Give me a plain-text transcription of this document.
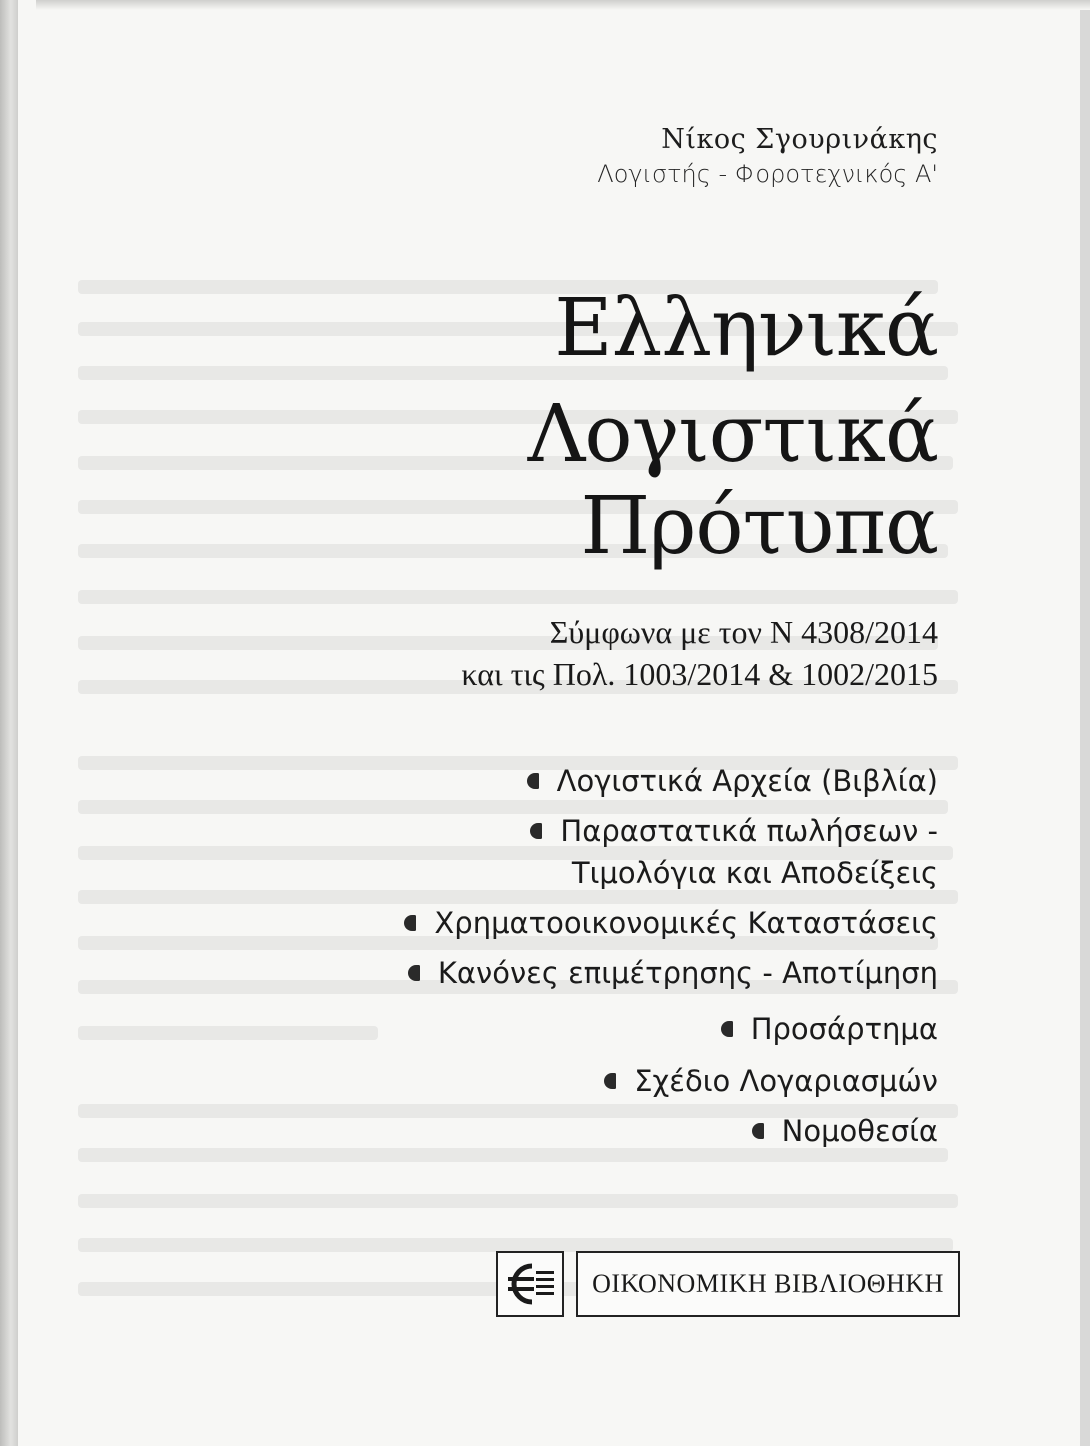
Νίκος Σγουρινάκης
Λογιστής - Φοροτεχνικός Α'
Ελληνικά
Λογιστικά
Πρότυπα
Σύμφωνα με τον Ν 4308/2014
και τις Πολ. 1003/2014 & 1002/2015
Λογιστικά Αρχεία (Βιβλία)
Παραστατικά πωλήσεων -
Τιμολόγια και Αποδείξεις
Χρηματοοικονομικές Καταστάσεις
Κανόνες επιμέτρησης - Αποτίμηση
Προσάρτημα
Σχέδιο Λογαριασμών
Νομοθεσία
ΟΙΚΟΝΟΜΙΚΗ ΒΙΒΛΙΟΘΗΚΗ
